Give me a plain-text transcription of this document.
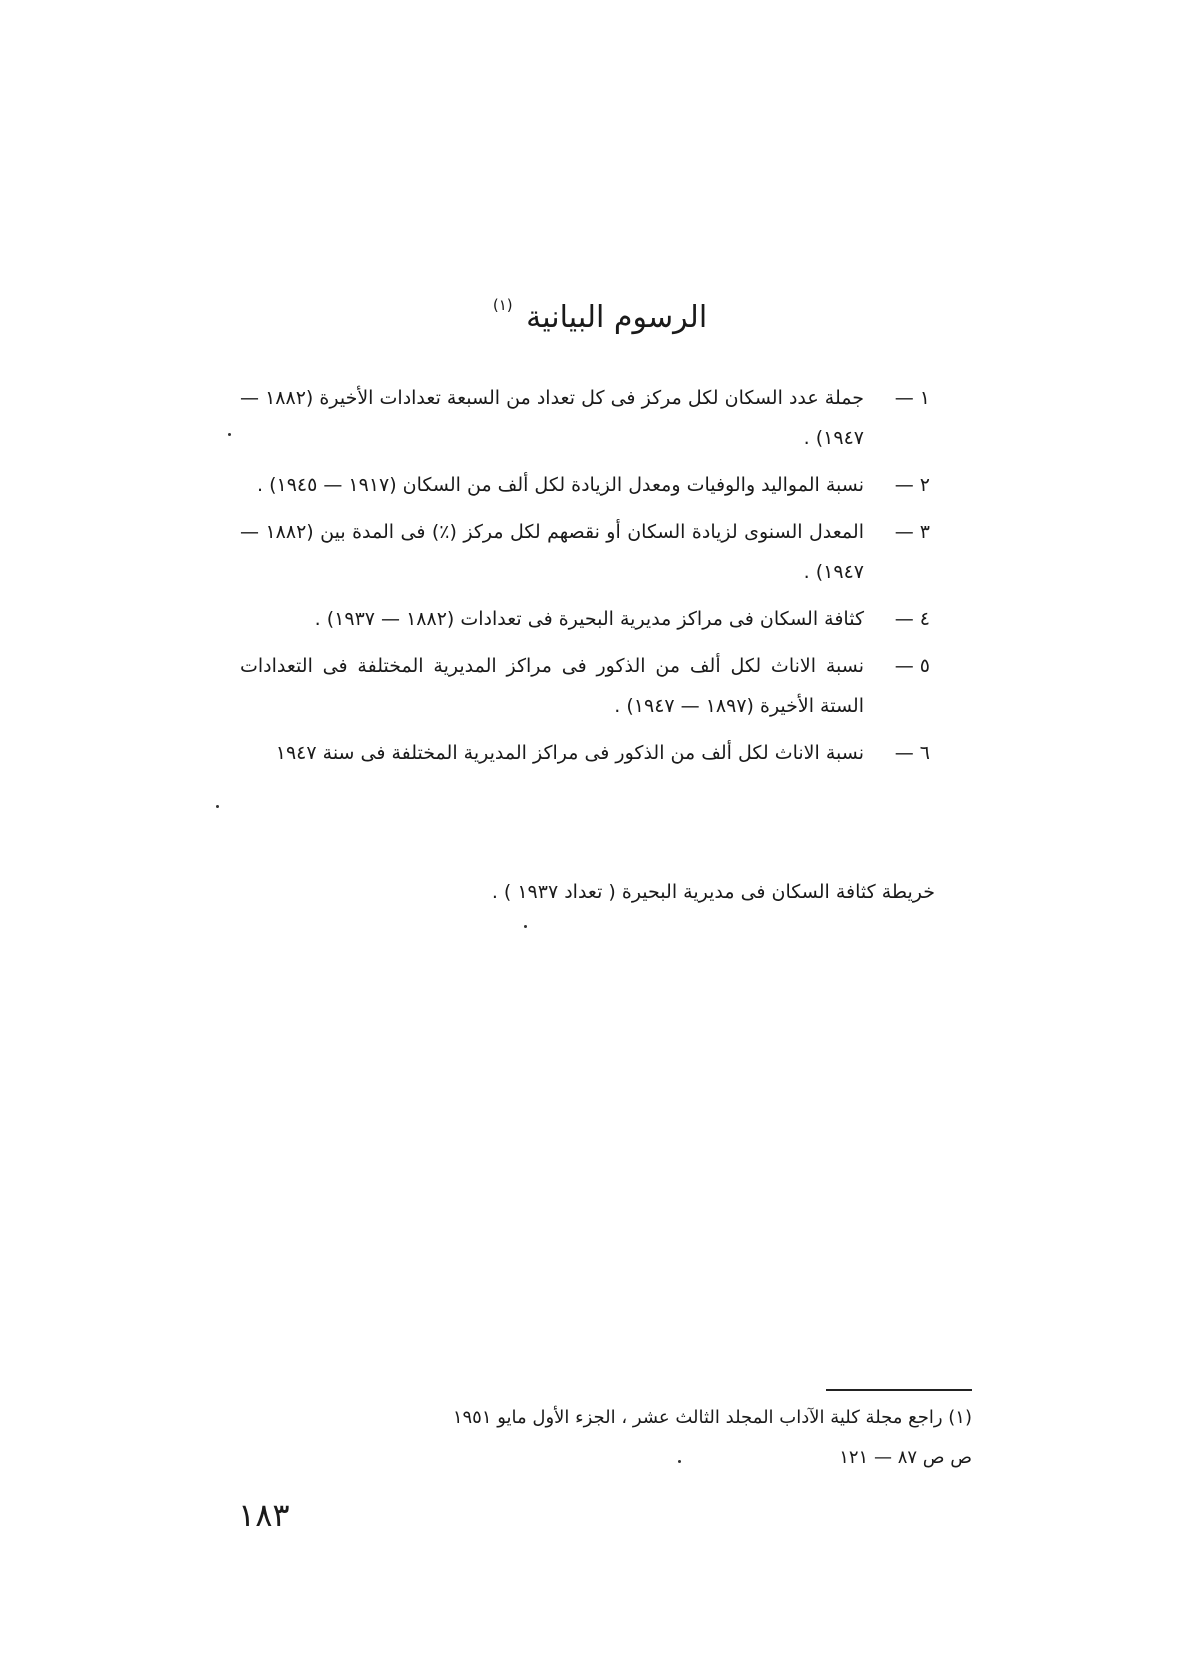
الرسوم البيانية $^{(١)}$
١ —
جملة عدد السكان لكل مركز فى كل تعداد من السبعة تعدادات الأخيرة (١٨٨٢ — ١٩٤٧) .
٢ —
نسبة المواليد والوفيات ومعدل الزيادة لكل ألف من السكان (١٩١٧ — ١٩٤٥) .
٣ —
المعدل السنوى لزيادة السكان أو نقصهم لكل مركز (٪) فى المدة بين (١٨٨٢ — ١٩٤٧) .
٤ —
كثافة السكان فى مراكز مديرية البحيرة فى تعدادات (١٨٨٢ — ١٩٣٧) .
٥ —
نسبة الاناث لكل ألف من الذكور فى مراكز المديرية المختلفة فى التعدادات الستة الأخيرة (١٨٩٧ — ١٩٤٧) .
٦ —
نسبة الاناث لكل ألف من الذكور فى مراكز المديرية المختلفة فى سنة ١٩٤٧
خريطة كثافة السكان فى مديرية البحيرة ( تعداد ١٩٣٧ ) .
(١) راجع مجلة كلية الآداب المجلد الثالث عشر ، الجزء الأول مايو ١٩٥١
ص ص ٨٧ — ١٢١
١٨٣
